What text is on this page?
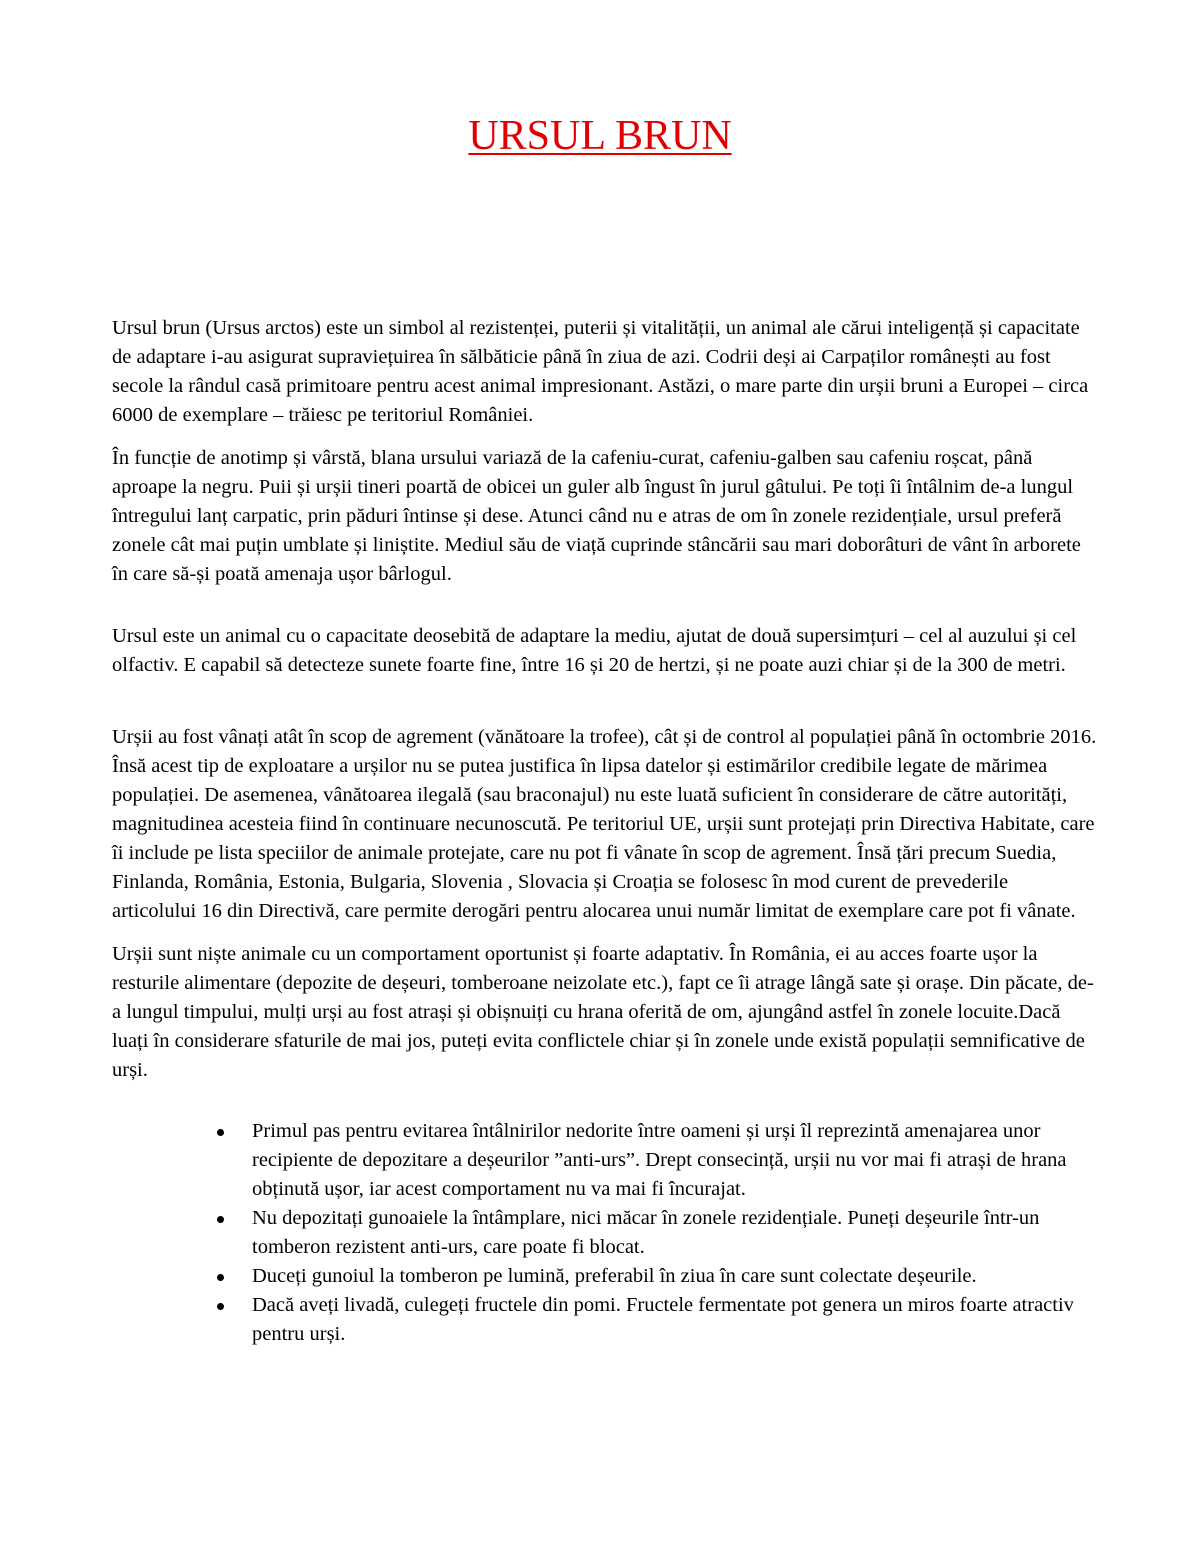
URSUL BRUN

Ursul brun (Ursus arctos) este un simbol al rezistenței, puterii și vitalității, un animal ale cărui inteligență și capacitate de adaptare i-au asigurat supraviețuirea în sălbăticie până în ziua de azi. Codrii deși ai Carpaților românești au fost secole la rândul casă primitoare pentru acest animal impresionant. Astăzi, o mare parte din urșii bruni a Europei – circa 6000 de exemplare – trăiesc pe teritoriul României.

În funcție de anotimp și vârstă, blana ursului variază de la cafeniu-curat, cafeniu-galben sau cafeniu roșcat, până aproape la negru. Puii și urșii tineri poartă de obicei un guler alb îngust în jurul gâtului. Pe toți îi întâlnim de-a lungul întregului lanț carpatic, prin păduri întinse și dese. Atunci când nu e atras de om în zonele rezidențiale, ursul preferă zonele cât mai puțin umblate și liniștite. Mediul său de viață cuprinde stâncării sau mari doborâturi de vânt în arborete în care să-și poată amenaja ușor bârlogul.

Ursul este un animal cu o capacitate deosebită de adaptare la mediu, ajutat de două supersimțuri – cel al auzului și cel olfactiv. E capabil să detecteze sunete foarte fine, între 16 și 20 de hertzi, și ne poate auzi chiar și de la 300 de metri.

Urșii au fost vânați atât în scop de agrement (vănătoare la trofee), cât și de control al populației până în octombrie 2016. Însă acest tip de exploatare a urșilor nu se putea justifica în lipsa datelor și estimărilor credibile legate de mărimea populației. De asemenea, vânătoarea ilegală (sau braconajul) nu este luată suficient în considerare de către autorități, magnitudinea acesteia fiind în continuare necunoscută. Pe teritoriul UE, urșii sunt protejați prin Directiva Habitate, care îi include pe lista speciilor de animale protejate, care nu pot fi vânate în scop de agrement. Însă țări precum Suedia, Finlanda, România, Estonia, Bulgaria, Slovenia , Slovacia și Croația se folosesc în mod curent de prevederile articolului 16 din Directivă, care permite derogări pentru alocarea unui număr limitat de exemplare care pot fi vânate.

Urșii sunt niște animale cu un comportament oportunist și foarte adaptativ. În România, ei au acces foarte ușor la resturile alimentare (depozite de deșeuri, tomberoane neizolate etc.), fapt ce îi atrage lângă sate și orașe. Din păcate, de-a lungul timpului, mulți urși au fost atrași și obișnuiți cu hrana oferită de om, ajungând astfel în zonele locuite.Dacă luați în considerare sfaturile de mai jos, puteți evita conflictele chiar și în zonele unde există populații semnificative de urși.

Primul pas pentru evitarea întâlnirilor nedorite între oameni și urși îl reprezintă amenajarea unor recipiente de depozitare a deșeurilor ”anti-urs”. Drept consecință, urșii nu vor mai fi atrași de hrana obținută ușor, iar acest comportament nu va mai fi încurajat.
Nu depozitați gunoaiele la întâmplare, nici măcar în zonele rezidențiale. Puneți deșeurile într-un tomberon rezistent anti-urs, care poate fi blocat.
Duceți gunoiul la tomberon pe lumină, preferabil în ziua în care sunt colectate deșeurile.
Dacă aveți livadă, culegeți fructele din pomi. Fructele fermentate pot genera un miros foarte atractiv pentru urși.
